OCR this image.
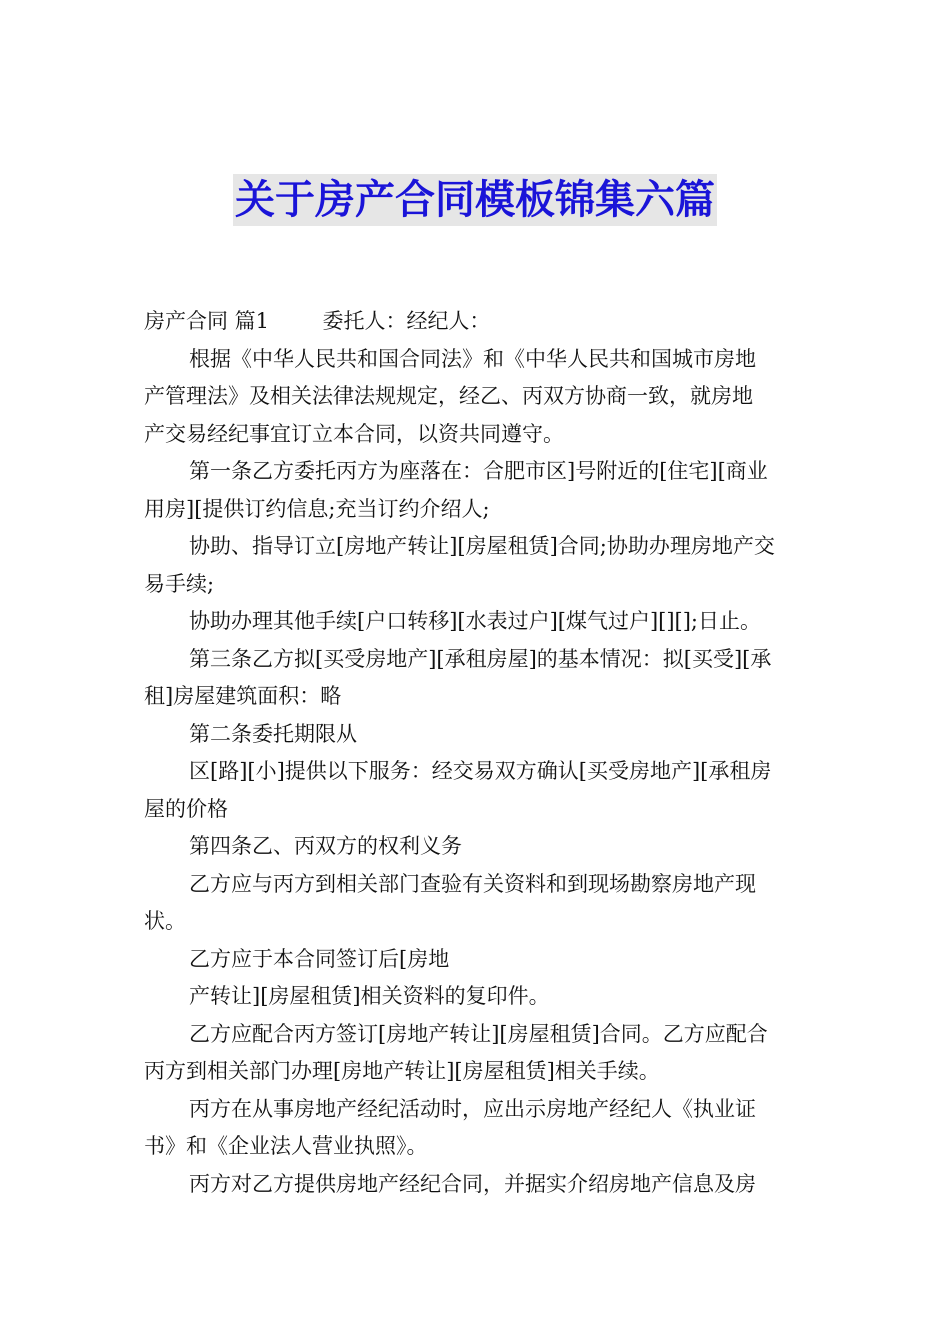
关于房产合同模板锦集六篇
房产合同 篇1        委托人：经纪人：
根据《中华人民共和国合同法》和《中华人民共和国城市房地
产管理法》及相关法律法规规定，经乙、丙双方协商一致，就房地
产交易经纪事宜订立本合同，以资共同遵守。
第一条乙方委托丙方为座落在：合肥市区]号附近的[住宅][商业
用房][提供订约信息;充当订约介绍人;
协助、指导订立[房地产转让][房屋租赁]合同;协助办理房地产交
易手续;
协助办理其他手续[户口转移][水表过户][煤气过户][][];日止。
第三条乙方拟[买受房地产][承租房屋]的基本情况：拟[买受][承
租]房屋建筑面积：略
第二条委托期限从
区[路][小]提供以下服务：经交易双方确认[买受房地产][承租房
屋的价格
第四条乙、丙双方的权利义务
乙方应与丙方到相关部门查验有关资料和到现场勘察房地产现
状。
乙方应于本合同签订后[房地
产转让][房屋租赁]相关资料的复印件。
乙方应配合丙方签订[房地产转让][房屋租赁]合同。乙方应配合
丙方到相关部门办理[房地产转让][房屋租赁]相关手续。
丙方在从事房地产经纪活动时，应出示房地产经纪人《执业证
书》和《企业法人营业执照》。
丙方对乙方提供房地产经纪合同，并据实介绍房地产信息及房
